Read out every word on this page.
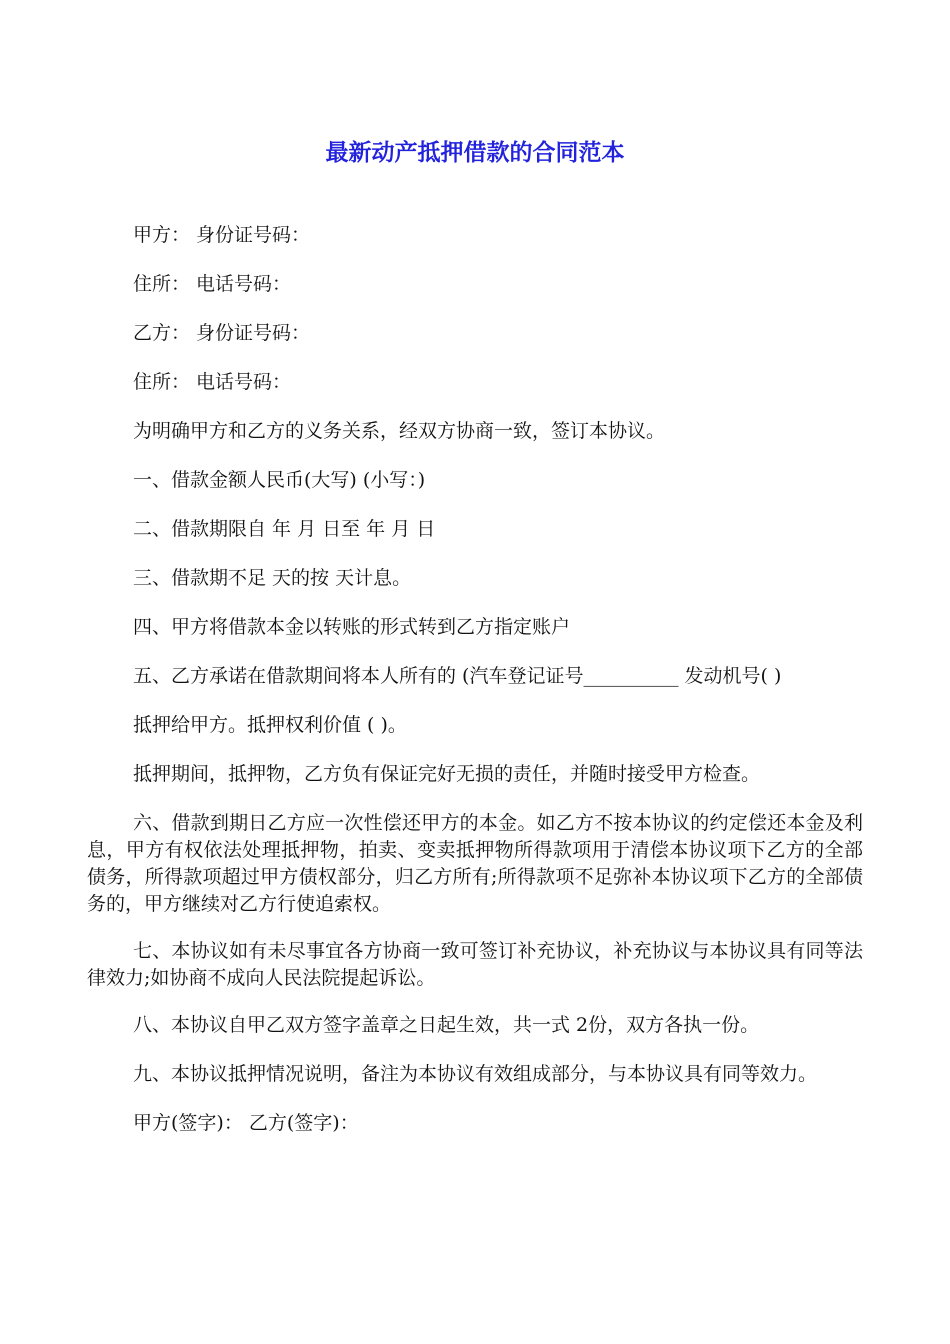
最新动产抵押借款的合同范本

甲方： 身份证号码：

住所： 电话号码：

乙方： 身份证号码：

住所： 电话号码：

为明确甲方和乙方的义务关系，经双方协商一致，签订本协议。

一、借款金额人民币(大写) (小写：)

二、借款期限自 年 月 日至 年 月 日

三、借款期不足 天的按 天计息。

四、甲方将借款本金以转账的形式转到乙方指定账户

五、乙方承诺在借款期间将本人所有的 (汽车登记证号__________ 发动机号( )

抵押给甲方。抵押权利价值 ( )。

抵押期间，抵押物，乙方负有保证完好无损的责任，并随时接受甲方检查。

六、借款到期日乙方应一次性偿还甲方的本金。如乙方不按本协议的约定偿还本金及利息，甲方有权依法处理抵押物，拍卖、变卖抵押物所得款项用于清偿本协议项下乙方的全部债务，所得款项超过甲方债权部分，归乙方所有;所得款项不足弥补本协议项下乙方的全部债务的，甲方继续对乙方行使追索权。

七、本协议如有未尽事宜各方协商一致可签订补充协议，补充协议与本协议具有同等法律效力;如协商不成向人民法院提起诉讼。

八、本协议自甲乙双方签字盖章之日起生效，共一式 2份，双方各执一份。

九、本协议抵押情况说明，备注为本协议有效组成部分，与本协议具有同等效力。

甲方(签字)： 乙方(签字)：
